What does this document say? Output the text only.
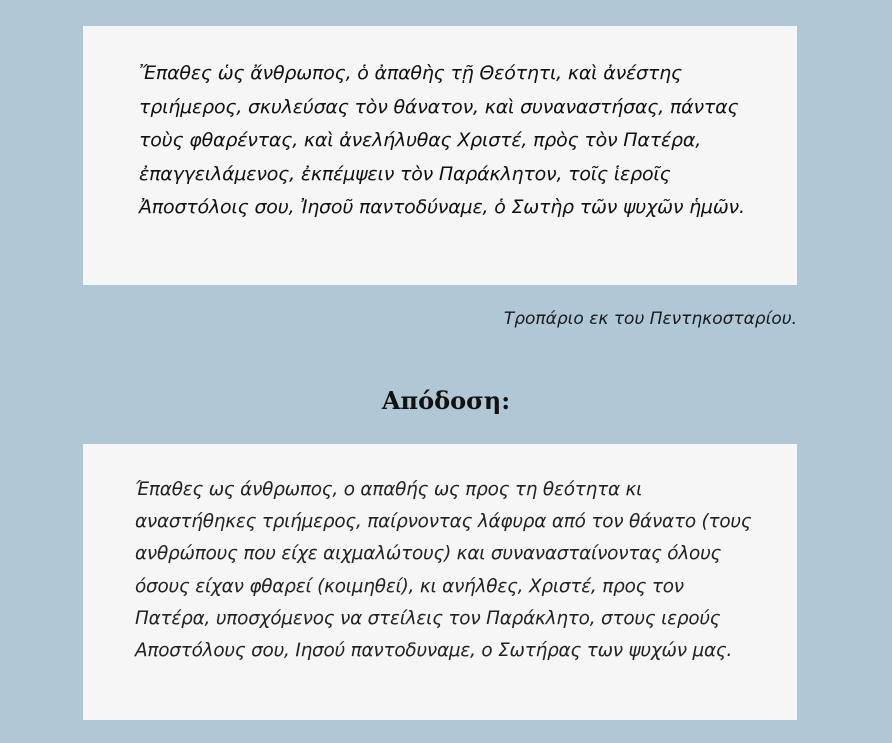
Ἔπαθες ὡς ἄνθρωπος, ὁ ἀπαθὴς τῇ Θεότητι, καὶ ἀνέστης τριήμερος, σκυλεύσας τὸν θάνατον, καὶ συναναστήσας, πάντας τοὺς φθαρέντας, καὶ ἀνελήλυθας Χριστέ, πρὸς τὸν Πατέρα, ἐπαγγειλάμενος, ἐκπέμψειν τὸν Παράκλητον, τοῖς ἱεροῖς Ἀποστόλοις σου, Ἰησοῦ παντοδύναμε, ὁ Σωτὴρ τῶν ψυχῶν ἡμῶν.

Τροπάριο εκ του Πεντηκοσταρίου.

Απόδοση:

Έπαθες ως άνθρωπος, ο απαθής ως προς τη θεότητα κι αναστήθηκες τριήμερος, παίρνοντας λάφυρα από τον θάνατο (τους ανθρώπους που είχε αιχμαλώτους) και συνανασταίνοντας όλους όσους είχαν φθαρεί (κοιμηθεί), κι ανήλθες, Χριστέ, προς τον Πατέρα, υποσχόμενος να στείλεις τον Παράκλητο, στους ιερούς Αποστόλους σου, Ιησού παντοδυναμε, ο Σωτήρας των ψυχών μας.
